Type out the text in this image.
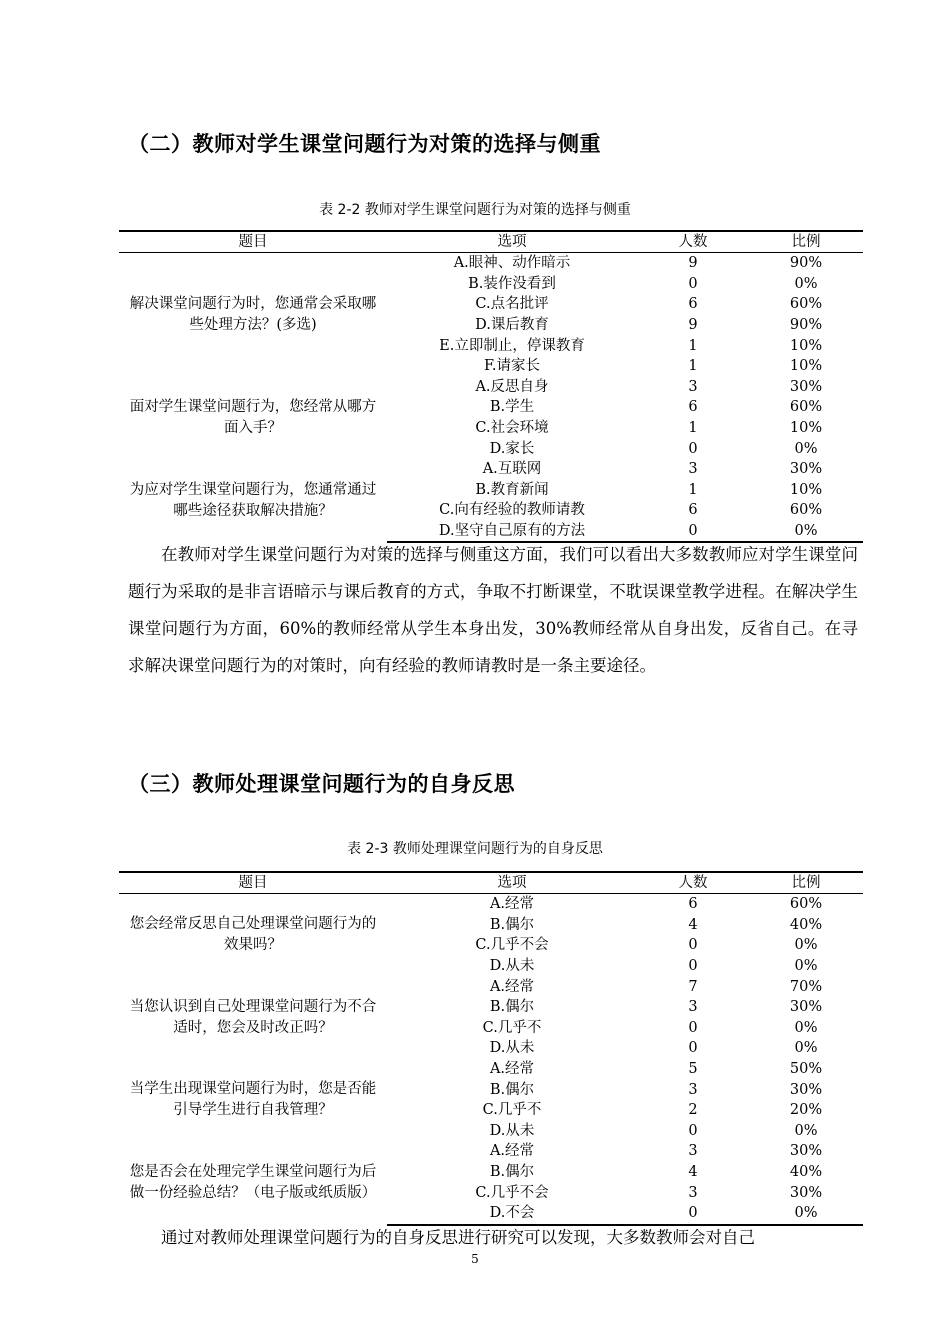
（二）教师对学生课堂问题行为对策的选择与侧重
表 2-2 教师对学生课堂问题行为对策的选择与侧重
题目	选项	人数	比例
解决课堂问题行为时，您通常会采取哪些处理方法？(多选)	A.眼神、动作暗示	9	90%
	B.装作没看到	0	0%
	C.点名批评	6	60%
	D.课后教育	9	90%
	E.立即制止，停课教育	1	10%
	F.请家长	1	10%
面对学生课堂问题行为，您经常从哪方面入手？	A.反思自身	3	30%
	B.学生	6	60%
	C.社会环境	1	10%
	D.家长	0	0%
为应对学生课堂问题行为，您通常通过哪些途径获取解决措施？	A.互联网	3	30%
	B.教育新闻	1	10%
	C.向有经验的教师请教	6	60%
	D.坚守自己原有的方法	0	0%
在教师对学生课堂问题行为对策的选择与侧重这方面，我们可以看出大多数教师应对学生课堂问题行为采取的是非言语暗示与课后教育的方式，争取不打断课堂，不耽误课堂教学进程。在解决学生课堂问题行为方面，60%的教师经常从学生本身出发，30%教师经常从自身出发，反省自己。在寻求解决课堂问题行为的对策时，向有经验的教师请教时是一条主要途径。
（三）教师处理课堂问题行为的自身反思
表 2-3 教师处理课堂问题行为的自身反思
题目	选项	人数	比例
您会经常反思自己处理课堂问题行为的效果吗？	A.经常	6	60%
	B.偶尔	4	40%
	C.几乎不会	0	0%
	D.从未	0	0%
当您认识到自己处理课堂问题行为不合适时，您会及时改正吗？	A.经常	7	70%
	B.偶尔	3	30%
	C.几乎不	0	0%
	D.从未	0	0%
当学生出现课堂问题行为时，您是否能引导学生进行自我管理？	A.经常	5	50%
	B.偶尔	3	30%
	C.几乎不	2	20%
	D.从未	0	0%
您是否会在处理完学生课堂问题行为后做一份经验总结？（电子版或纸质版）	A.经常	3	30%
	B.偶尔	4	40%
	C.几乎不会	3	30%
	D.不会	0	0%
通过对教师处理课堂问题行为的自身反思进行研究可以发现，大多数教师会对自己
5
